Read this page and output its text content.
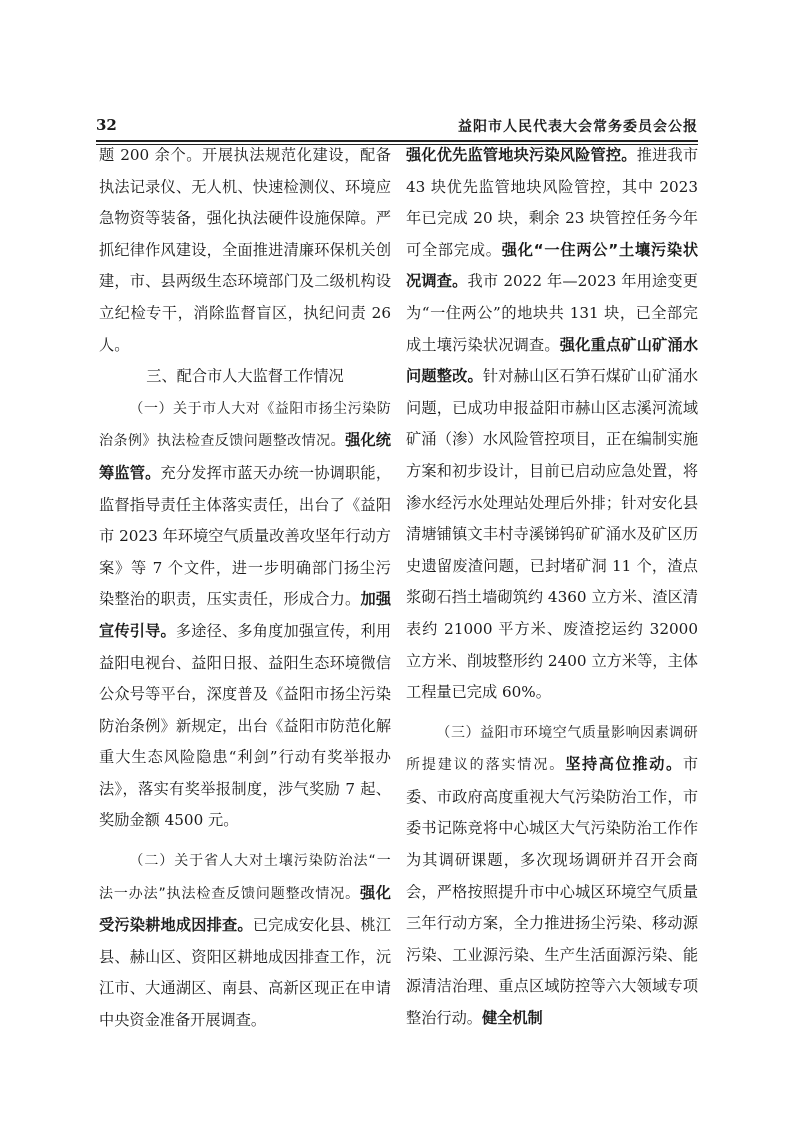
32	益阳市人民代表大会常务委员会公报

题 200 余个。开展执法规范化建设，配备执法记录仪、无人机、快速检测仪、环境应急物资等装备，强化执法硬件设施保障。严抓纪律作风建设，全面推进清廉环保机关创建，市、县两级生态环境部门及二级机构设立纪检专干，消除监督盲区，执纪问责 26 人。

三、配合市人大监督工作情况

（一）关于市人大对《益阳市扬尘污染防治条例》执法检查反馈问题整改情况。强化统筹监管。充分发挥市蓝天办统一协调职能，监督指导责任主体落实责任，出台了《益阳市 2023 年环境空气质量改善攻坚年行动方案》等 7 个文件，进一步明确部门扬尘污染整治的职责，压实责任，形成合力。加强宣传引导。多途径、多角度加强宣传，利用益阳电视台、益阳日报、益阳生态环境微信公众号等平台，深度普及《益阳市扬尘污染防治条例》新规定，出台《益阳市防范化解重大生态风险隐患“利剑”行动有奖举报办法》，落实有奖举报制度，涉气奖励 7 起、奖励金额 4500 元。

（二）关于省人大对土壤污染防治法“一法一办法”执法检查反馈问题整改情况。强化受污染耕地成因排查。已完成安化县、桃江县、赫山区、资阳区耕地成因排查工作，沅江市、大通湖区、南县、高新区现正在申请中央资金准备开展调查。

强化优先监管地块污染风险管控。推进我市 43 块优先监管地块风险管控，其中 2023 年已完成 20 块，剩余 23 块管控任务今年可全部完成。强化“一住两公”土壤污染状况调查。我市 2022 年—2023 年用途变更为“一住两公”的地块共 131 块，已全部完成土壤污染状况调查。强化重点矿山矿涌水问题整改。针对赫山区石笋石煤矿山矿涌水问题，已成功申报益阳市赫山区志溪河流域矿涌（渗）水风险管控项目，正在编制实施方案和初步设计，目前已启动应急处置，将渗水经污水处理站处理后外排；针对安化县清塘铺镇文丰村寺溪锑钨矿矿涌水及矿区历史遗留废渣问题，已封堵矿洞 11 个，渣点浆砌石挡土墙砌筑约 4360 立方米、渣区清表约 21000 平方米、废渣挖运约 32000 立方米、削坡整形约 2400 立方米等，主体工程量已完成 60%。

（三）益阳市环境空气质量影响因素调研所提建议的落实情况。坚持高位推动。市委、市政府高度重视大气污染防治工作，市委书记陈竞将中心城区大气污染防治工作作为其调研课题，多次现场调研并召开会商会，严格按照提升市中心城区环境空气质量三年行动方案，全力推进扬尘污染、移动源污染、工业源污染、生产生活面源污染、能源清洁治理、重点区域防控等六大领域专项整治行动。健全机制
